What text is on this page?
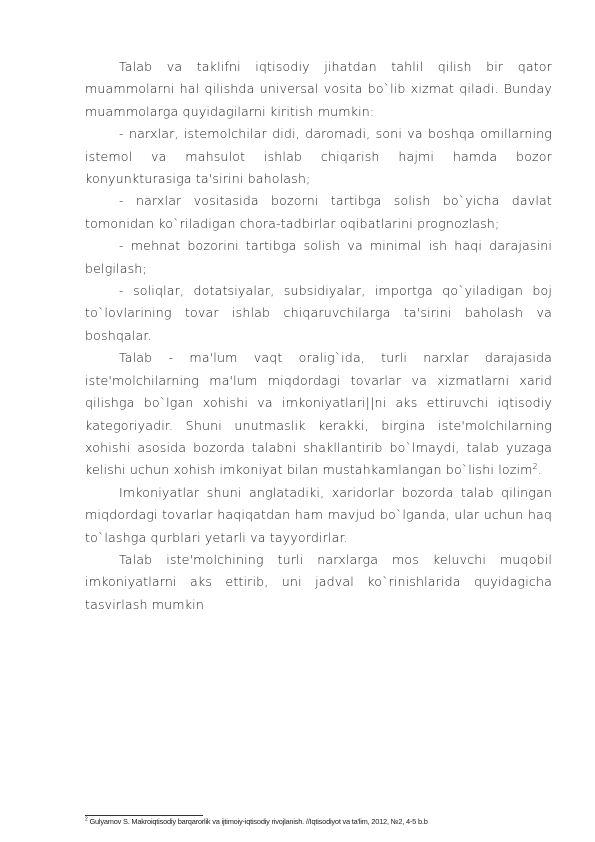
Talab va taklifni iqtisodiy jihatdan tahlil qilish bir qator muammolarni hal qilishda universal vosita bo`lib xizmat qiladi. Bunday muammolarga quyidagilarni kiritish mumkin:

- narxlar, istemolchilar didi, daromadi, soni va boshqa omillarning istemol va mahsulot ishlab chiqarish hajmi hamda bozor konyunkturasiga ta'sirini baholash;

- narxlar vositasida bozorni tartibga solish bo`yicha davlat tomonidan ko`riladigan chora-tadbirlar oqibatlarini prognozlash;

- mehnat bozorini tartibga solish va minimal ish haqi darajasini belgilash;

- soliqlar, dotatsiyalar, subsidiyalar, importga qo`yiladigan boj to`lovlarining tovar ishlab chiqaruvchilarga ta'sirini baholash va boshqalar.

Talab - ma'lum vaqt oralig`ida, turli narxlar darajasida iste'molchilarning ma'lum miqdordagi tovarlar va xizmatlarni xarid qilishga bo`lgan xohishi va imkoniyatlari||ni aks ettiruvchi iqtisodiy kategoriyadir. Shuni unutmaslik kerakki, birgina iste'molchilarning xohishi asosida bozorda talabni shakllantirib bo`lmaydi, talab yuzaga kelishi uchun xohish imkoniyat bilan mustahkamlangan bo`lishi lozim$^2$.

Imkoniyatlar shuni anglatadiki, xaridorlar bozorda talab qilingan miqdordagi tovarlar haqiqatdan ham mavjud bo`lganda, ular uchun haq to`lashga qurblari yetarli va tayyordirlar.

Talab iste'molchining turli narxlarga mos keluvchi muqobil imkoniyatlarni aks ettirib, uni jadval ko`rinishlarida quyidagicha tasvirlash mumkin

$^2$ Gulyamov S. Makroiqtisodiy barqarorlik va ijtimoiy-iqtisodiy rivojlanish. //Iqtisodiyot va ta'lim, 2012, №2, 4-5 b.b
